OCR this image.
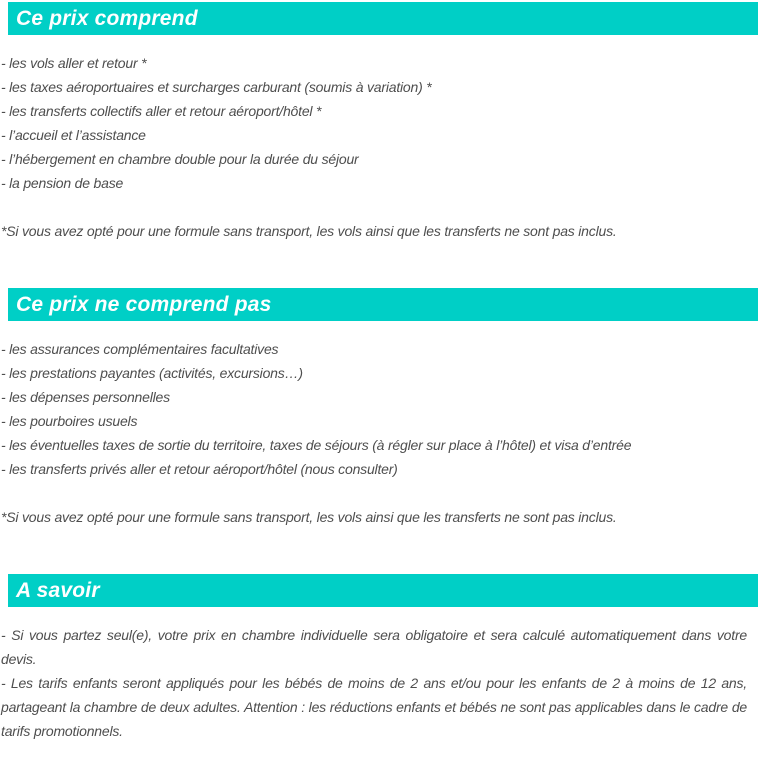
Ce prix comprend

- les vols aller et retour *

- les taxes aéroportuaires et surcharges carburant (soumis à variation) *

- les transferts collectifs aller et retour aéroport/hôtel *

- l’accueil et l’assistance

- l’hébergement en chambre double pour la durée du séjour

- la pension de base

*Si vous avez opté pour une formule sans transport, les vols ainsi que les transferts ne sont pas inclus.

Ce prix ne comprend pas

- les assurances complémentaires facultatives

- les prestations payantes (activités, excursions…)

- les dépenses personnelles

- les pourboires usuels

- les éventuelles taxes de sortie du territoire, taxes de séjours (à régler sur place à l’hôtel) et visa d’entrée

- les transferts privés aller et retour aéroport/hôtel (nous consulter)

*Si vous avez opté pour une formule sans transport, les vols ainsi que les transferts ne sont pas inclus.

A savoir

- Si vous partez seul(e), votre prix en chambre individuelle sera obligatoire et sera calculé automatiquement dans votre devis.

- Les tarifs enfants seront appliqués pour les bébés de moins de 2 ans et/ou pour les enfants de 2 à moins de 12 ans, partageant la chambre de deux adultes. Attention : les réductions enfants et bébés ne sont pas applicables dans le cadre de tarifs promotionnels.
